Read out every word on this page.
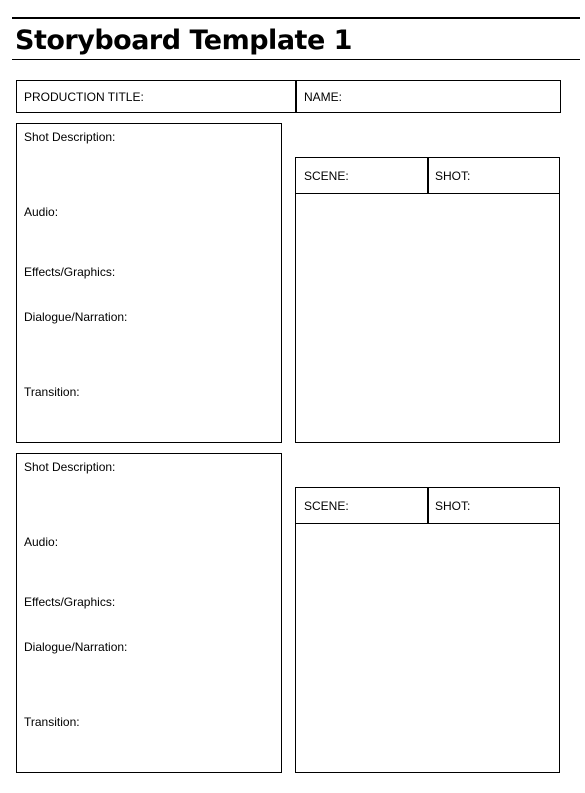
Storyboard Template 1
PRODUCTION TITLE:	NAME:
Shot Description:
Audio:
Effects/Graphics:
Dialogue/Narration:
Transition:
SCENE:	SHOT:
Shot Description:
Audio:
Effects/Graphics:
Dialogue/Narration:
Transition:
SCENE:	SHOT:
